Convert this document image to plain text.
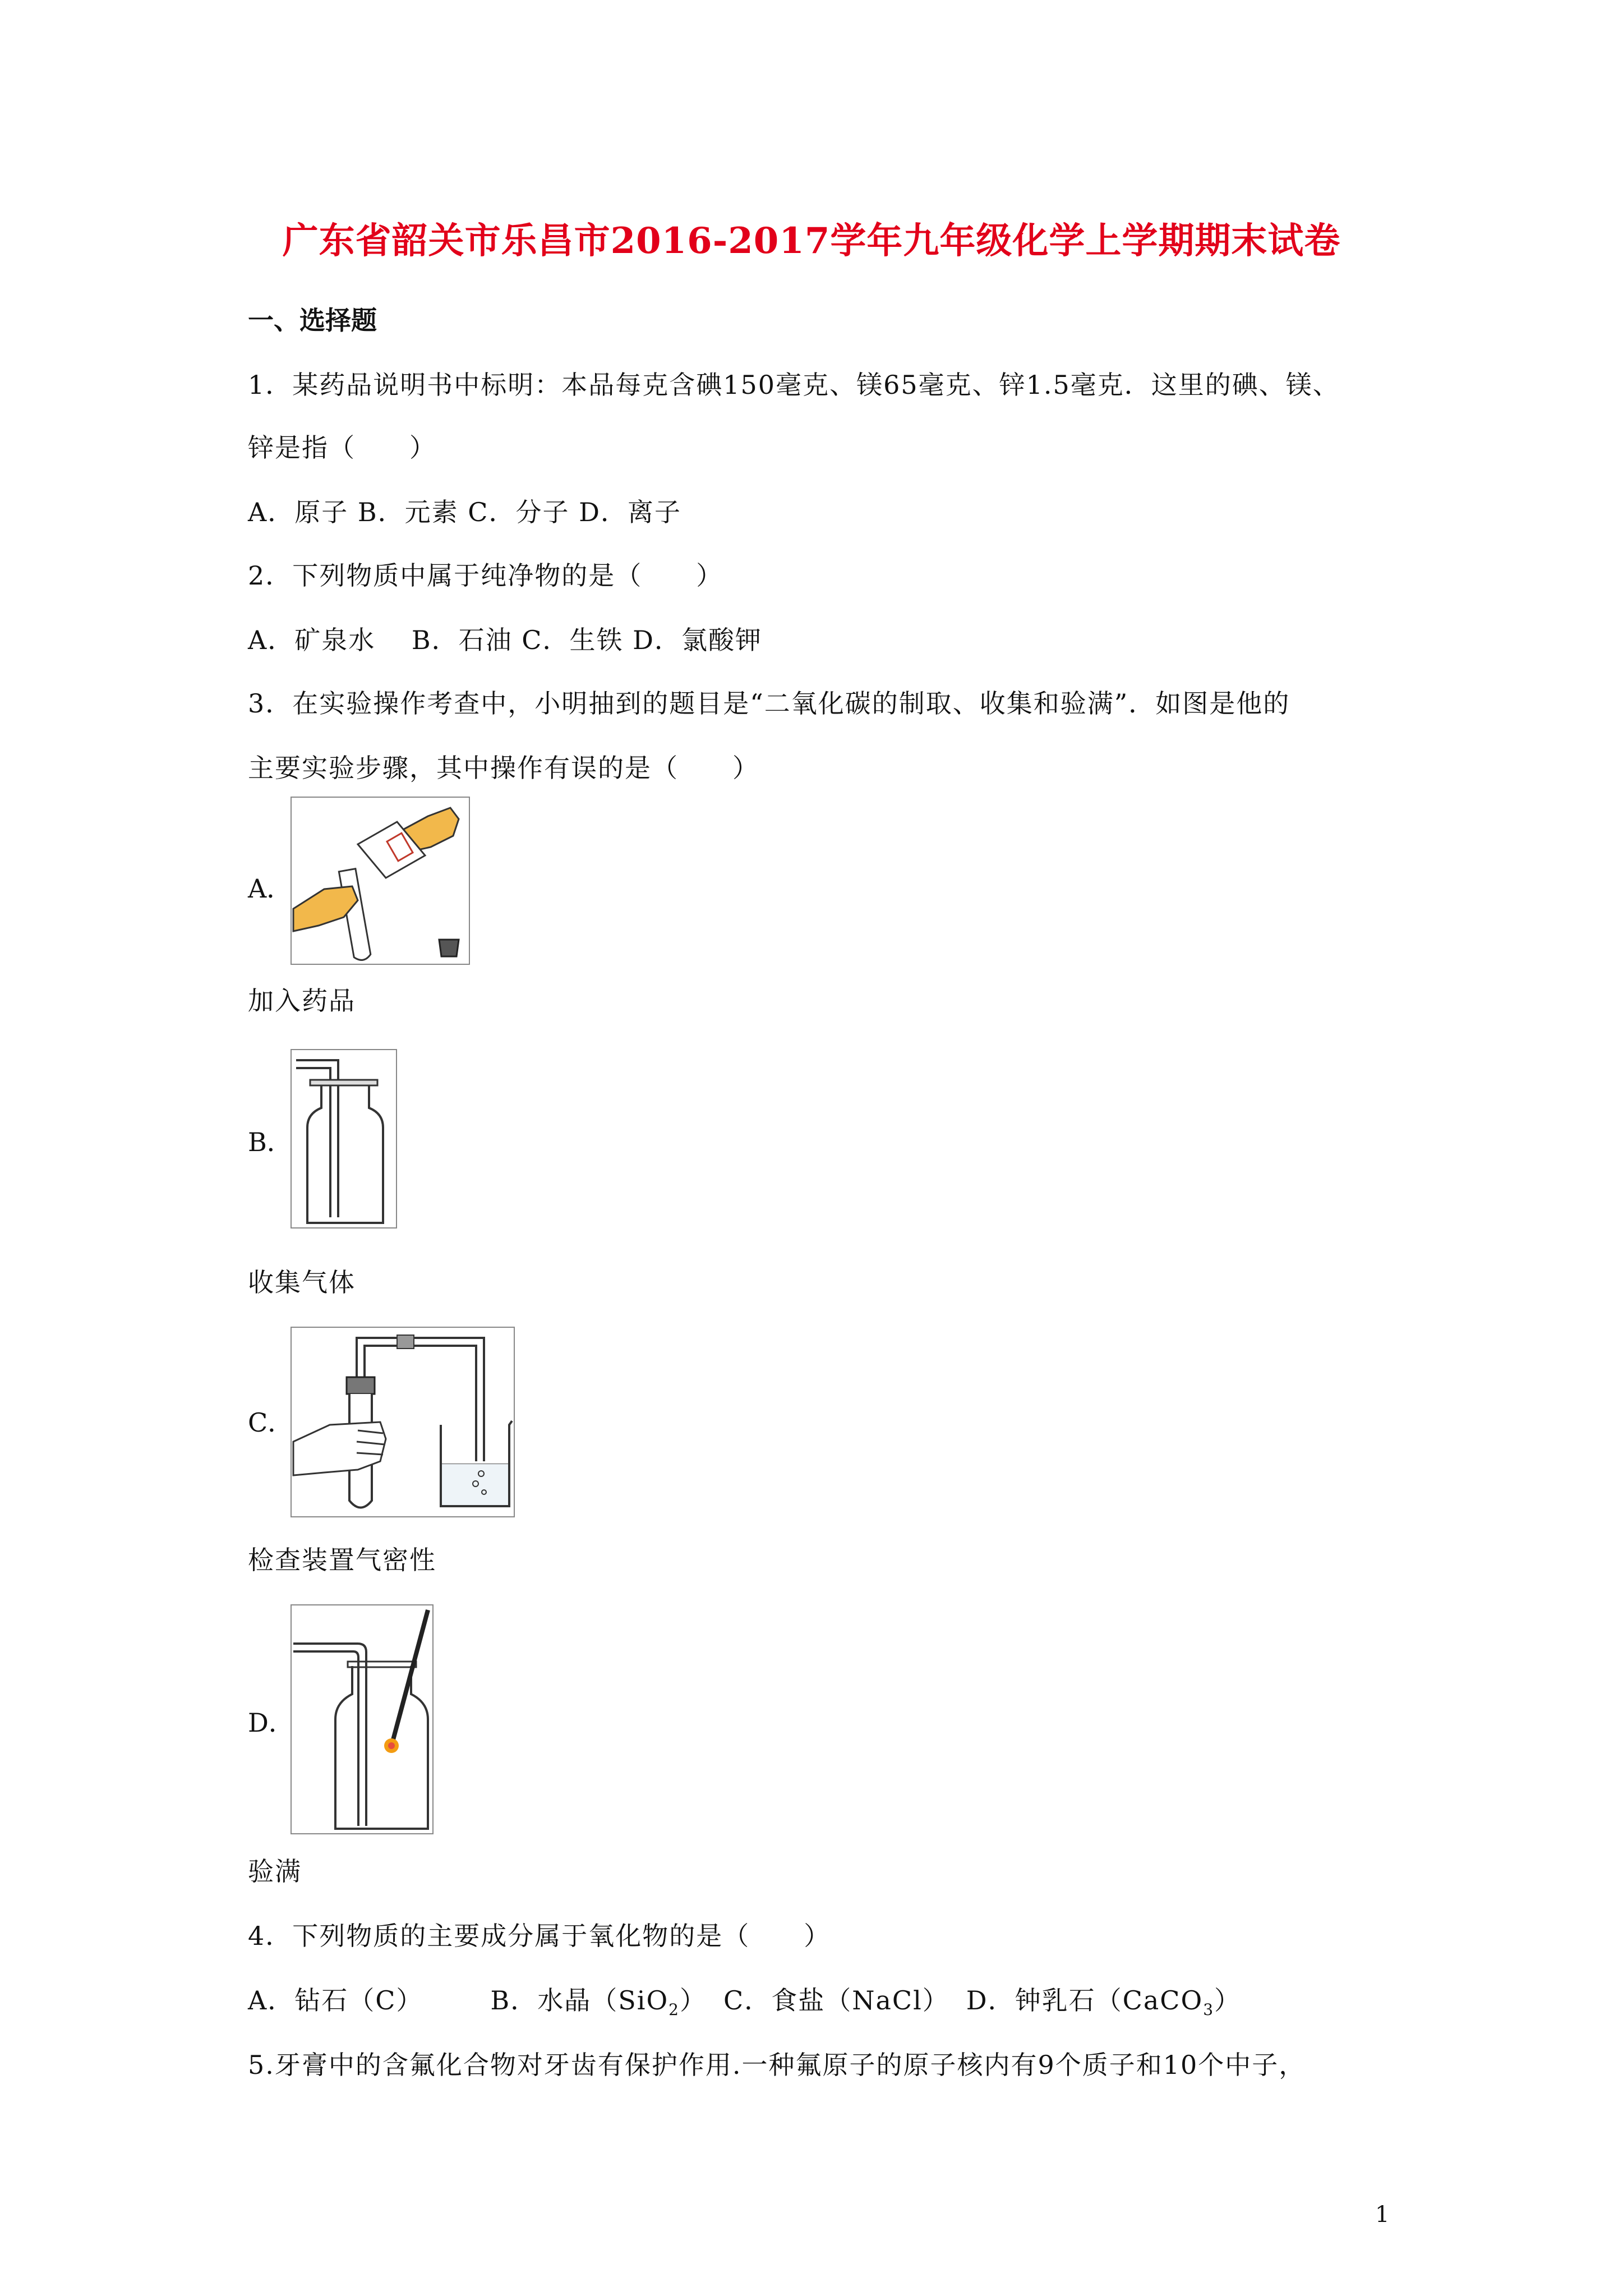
广东省韶关市乐昌市2016-2017学年九年级化学上学期期末试卷
一、选择题
1．某药品说明书中标明：本品每克含碘150毫克、镁65毫克、锌1.5毫克．这里的碘、镁、
锌是指（　　）
A．原子 B．元素 C．分子 D．离子
2．下列物质中属于纯净物的是（　　）
A．矿泉水　 B．石油 C．生铁 D．氯酸钾
3．在实验操作考查中，小明抽到的题目是“二氧化碳的制取、收集和验满”．如图是他的
主要实验步骤，其中操作有误的是（　　）
A．
加入药品
B．
收集气体
C．
检查装置气密性
D．
验满
4．下列物质的主要成分属于氧化物的是（　　）
A．钻石（C）	B．水晶（SiO$_2$） C．食盐（NaCl） D．钟乳石（CaCO$_3$）
5.牙膏中的含氟化合物对牙齿有保护作用.一种氟原子的原子核内有9个质子和10个中子，
1
